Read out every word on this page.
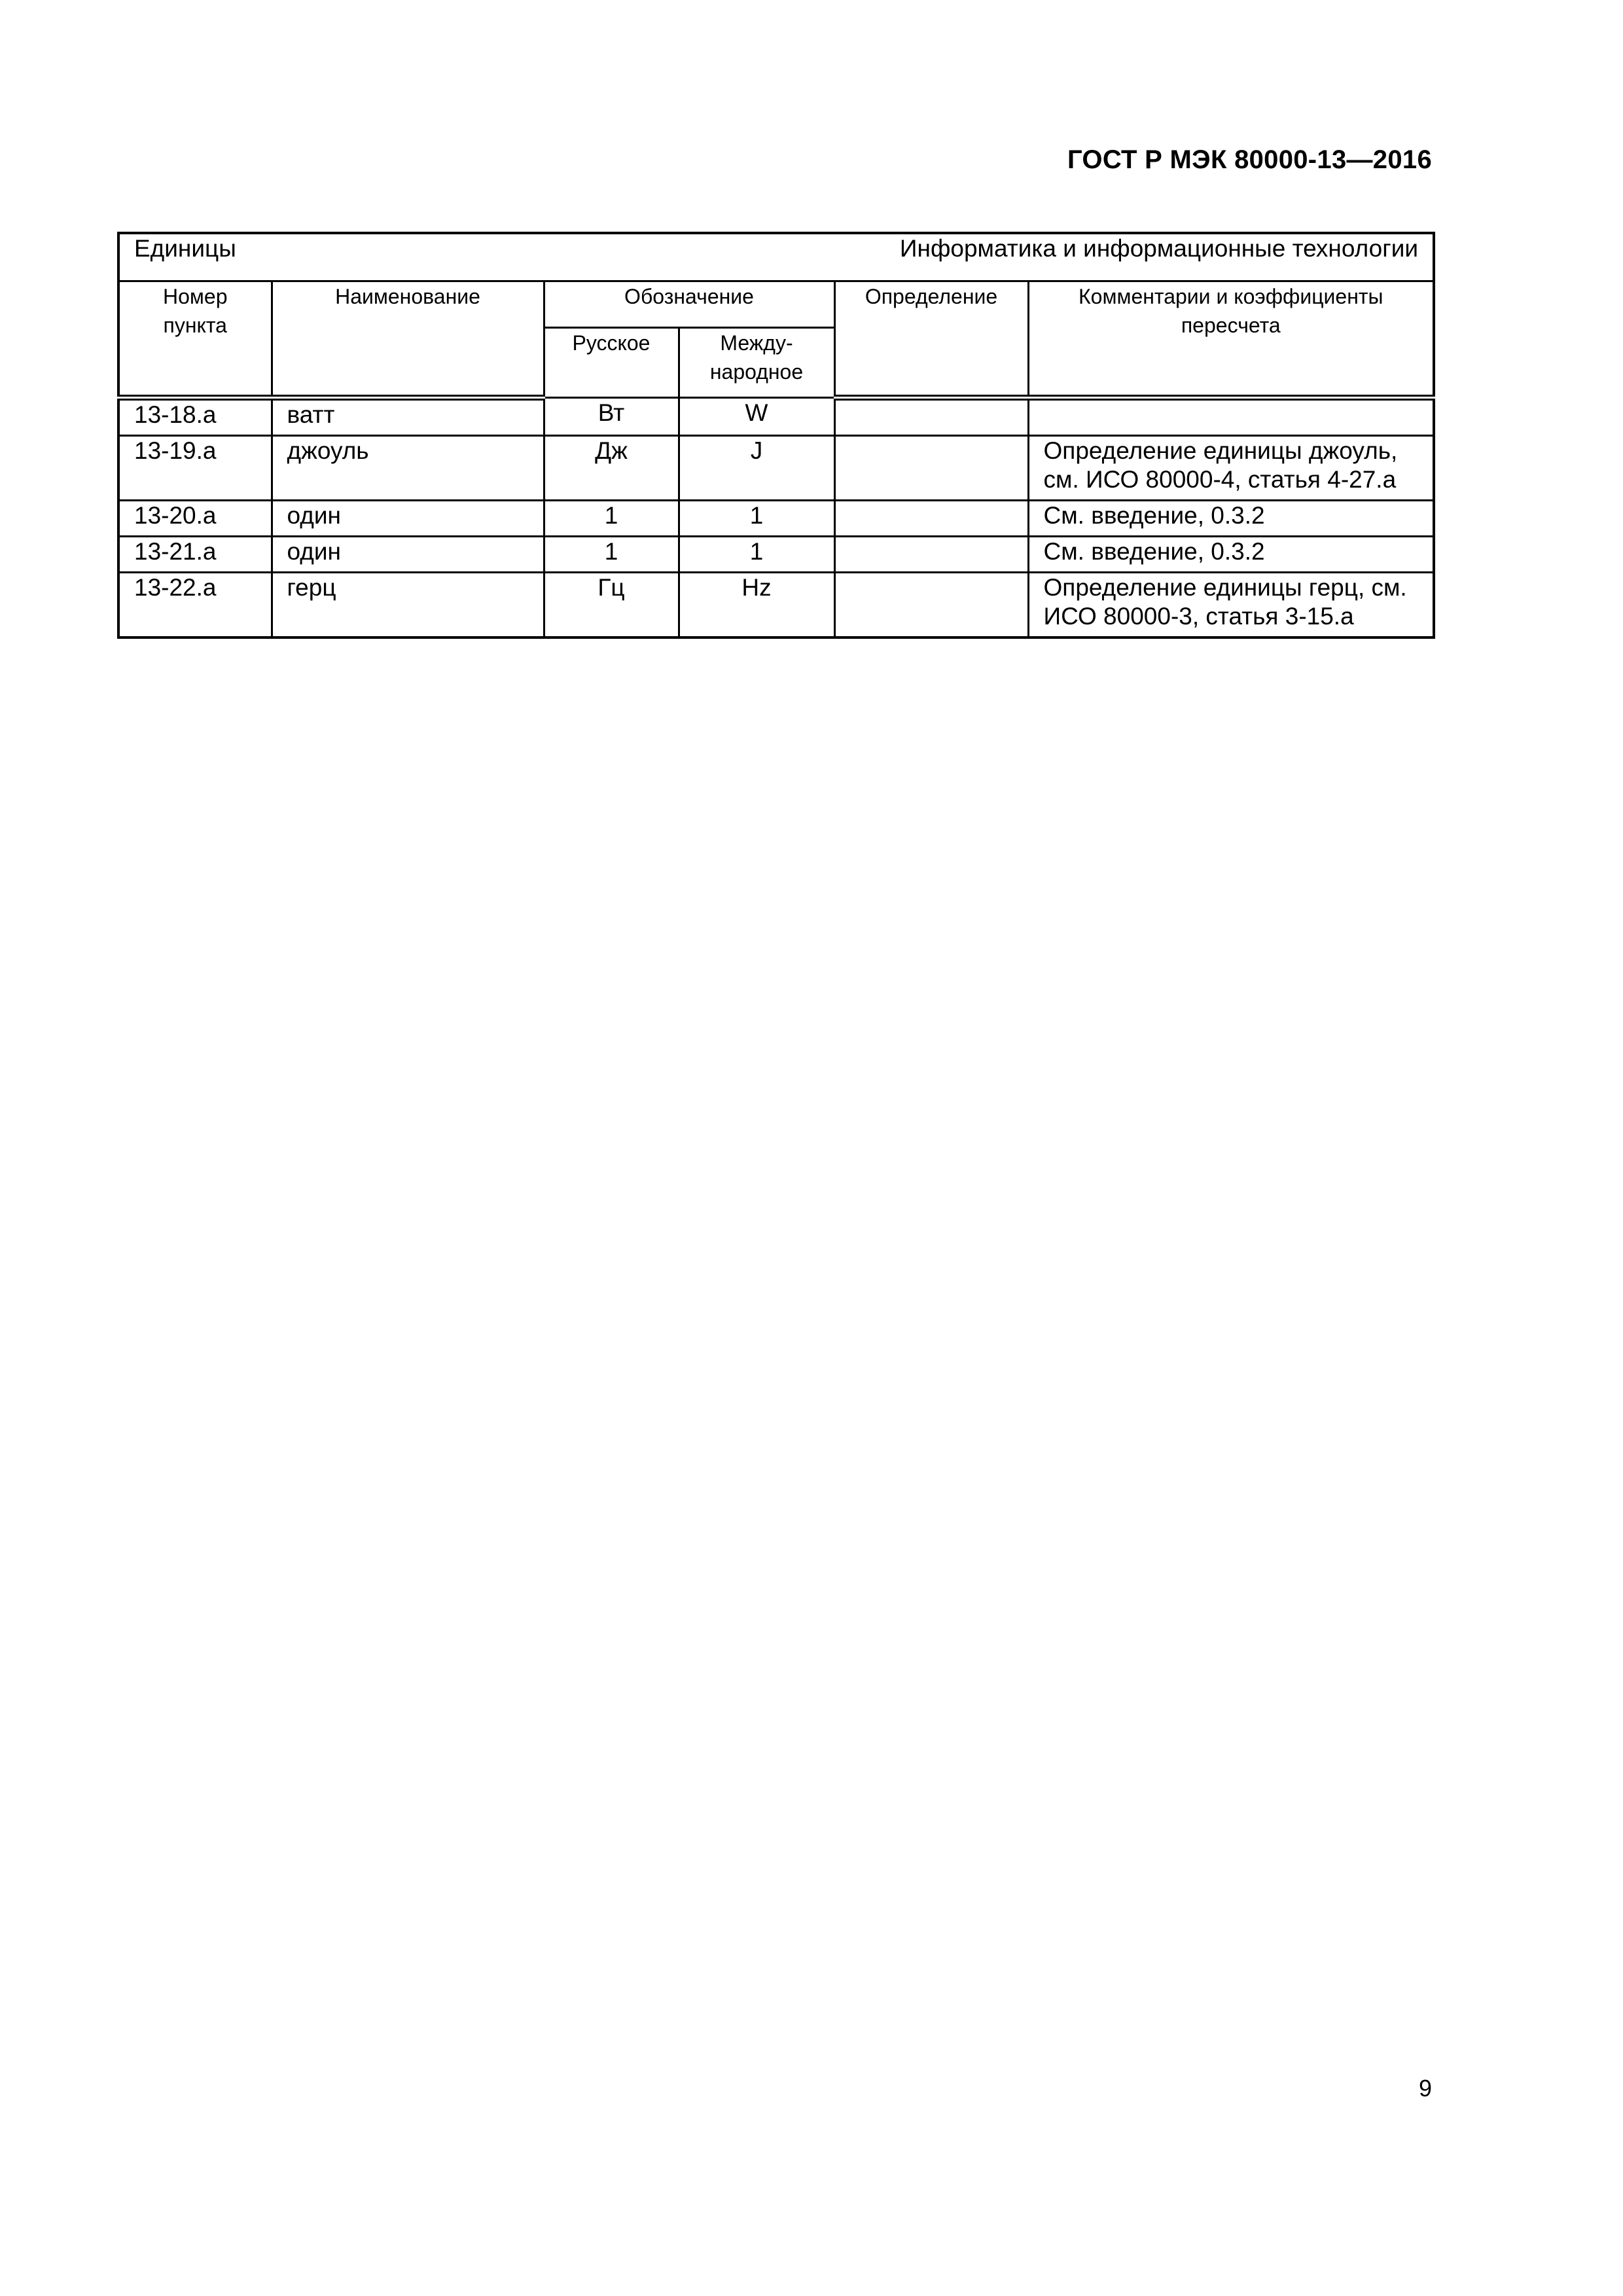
ГОСТ Р МЭК 80000-13—2016
Единицы Информатика и информационные технологии					

Номер пункта	Наименование	Обозначение		Определение	Комментарии и коэффициенты пересчета
		Русское	Между-народное		
13-18.a	ватт	Вт	W		
13-19.a	джоуль	Дж	J		Определение единицы джоуль, см. ИСО 80000-4, статья 4-27.a
13-20.a	один	1	1		См. введение, 0.3.2
13-21.a	один	1	1		См. введение, 0.3.2
13-22.a	герц	Гц	Hz		Определение единицы герц, см. ИСО 80000-3, статья 3-15.a
9
